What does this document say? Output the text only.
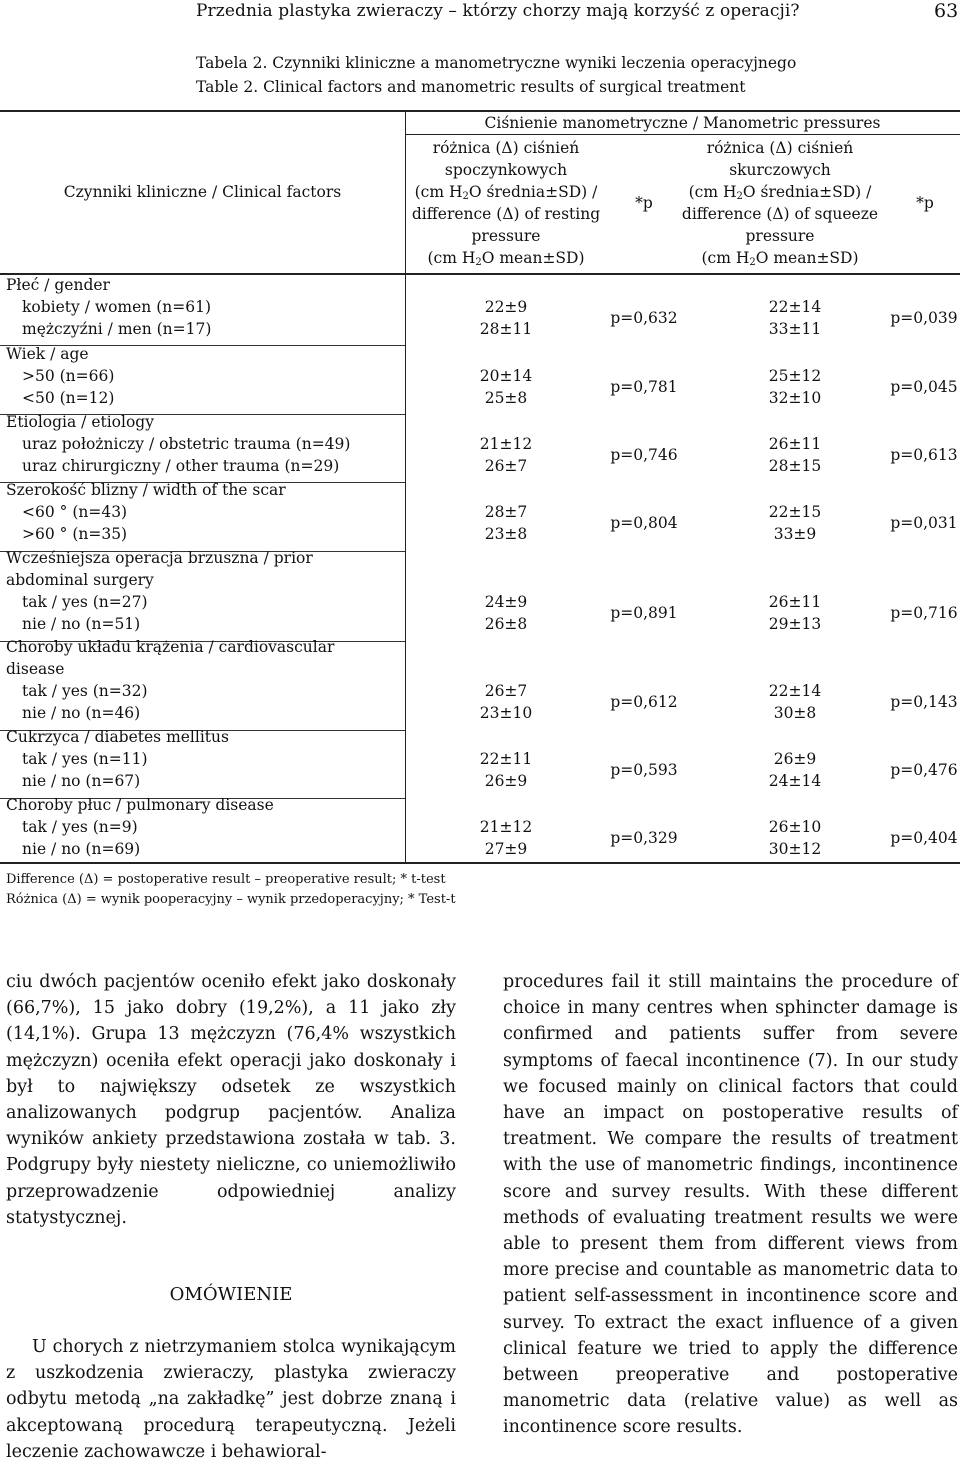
Przednia plastyka zwieraczy – którzy chorzy mają korzyść z operacji?	63
Tabela 2. Czynniki kliniczne a manometryczne wyniki leczenia operacyjnego
Table 2. Clinical factors and manometric results of surgical treatment
Czynniki kliniczne / Clinical factors
Ciśnienie manometryczne / Manometric pressures
różnica (Δ) ciśnień
spoczynkowych
(cm $H_2O$ średnia±SD) /
difference (Δ) of resting
pressure
(cm $H_2O$ mean±SD)
*p
różnica (Δ) ciśnień
skurczowych
(cm $H_2O$ średnia±SD) /
difference (Δ) of squeeze
pressure
(cm $H_2O$ mean±SD)
*p
Płeć / gender
kobiety / women (n=61)
mężczyźni / men (n=17)
22±9
28±11
p=0,632
22±14
33±11
p=0,039
Wiek / age
>50 (n=66)
<50 (n=12)
20±14
25±8
p=0,781
25±12
32±10
p=0,045
Etiologia / etiology
uraz położniczy / obstetric trauma (n=49)
uraz chirurgiczny / other trauma (n=29)
21±12
26±7
p=0,746
26±11
28±15
p=0,613
Szerokość blizny / width of the scar
<60 ° (n=43)
>60 ° (n=35)
28±7
23±8
p=0,804
22±15
33±9
p=0,031
Wcześniejsza operacja brzuszna / prior
abdominal surgery
tak / yes (n=27)
nie / no (n=51)
24±9
26±8
p=0,891
26±11
29±13
p=0,716
Choroby układu krążenia / cardiovascular
disease
tak / yes (n=32)
nie / no (n=46)
26±7
23±10
p=0,612
22±14
30±8
p=0,143
Cukrzyca / diabetes mellitus
tak / yes (n=11)
nie / no (n=67)
22±11
26±9
p=0,593
26±9
24±14
p=0,476
Choroby płuc / pulmonary disease
tak / yes (n=9)
nie / no (n=69)
21±12
27±9
p=0,329
26±10
30±12
p=0,404
Difference (Δ) = postoperative result – preoperative result; * t-test
Różnica (Δ) = wynik pooperacyjny – wynik przedoperacyjny; * Test-t
ciu dwóch pacjentów oceniło efekt jako doskonały (66,7%), 15 jako dobry (19,2%), a 11 jako zły (14,1%). Grupa 13 mężczyzn (76,4% wszystkich mężczyzn) oceniła efekt operacji jako doskonały i był to największy odsetek ze wszystkich analizowanych podgrup pacjentów. Analiza wyników ankiety przedstawiona została w tab. 3. Podgrupy były niestety nieliczne, co uniemożliwiło przeprowadzenie odpowiedniej analizy statystycznej.
OMÓWIENIE
U chorych z nietrzymaniem stolca wynikającym z uszkodzenia zwieraczy, plastyka zwieraczy odbytu metodą „na zakładkę” jest dobrze znaną i akceptowaną procedurą terapeutyczną. Jeżeli leczenie zachowawcze i behawioral-
procedures fail it still maintains the procedure of choice in many centres when sphincter damage is confirmed and patients suffer from severe symptoms of faecal incontinence (7). In our study we focused mainly on clinical factors that could have an impact on postoperative results of treatment. We compare the results of treatment with the use of manometric findings, incontinence score and survey results. With these different methods of evaluating treatment results we were able to present them from different views from more precise and countable as manometric data to patient self-assessment in incontinence score and survey. To extract the exact influence of a given clinical feature we tried to apply the difference between preoperative and postoperative manometric data (relative value) as well as incontinence score results.
